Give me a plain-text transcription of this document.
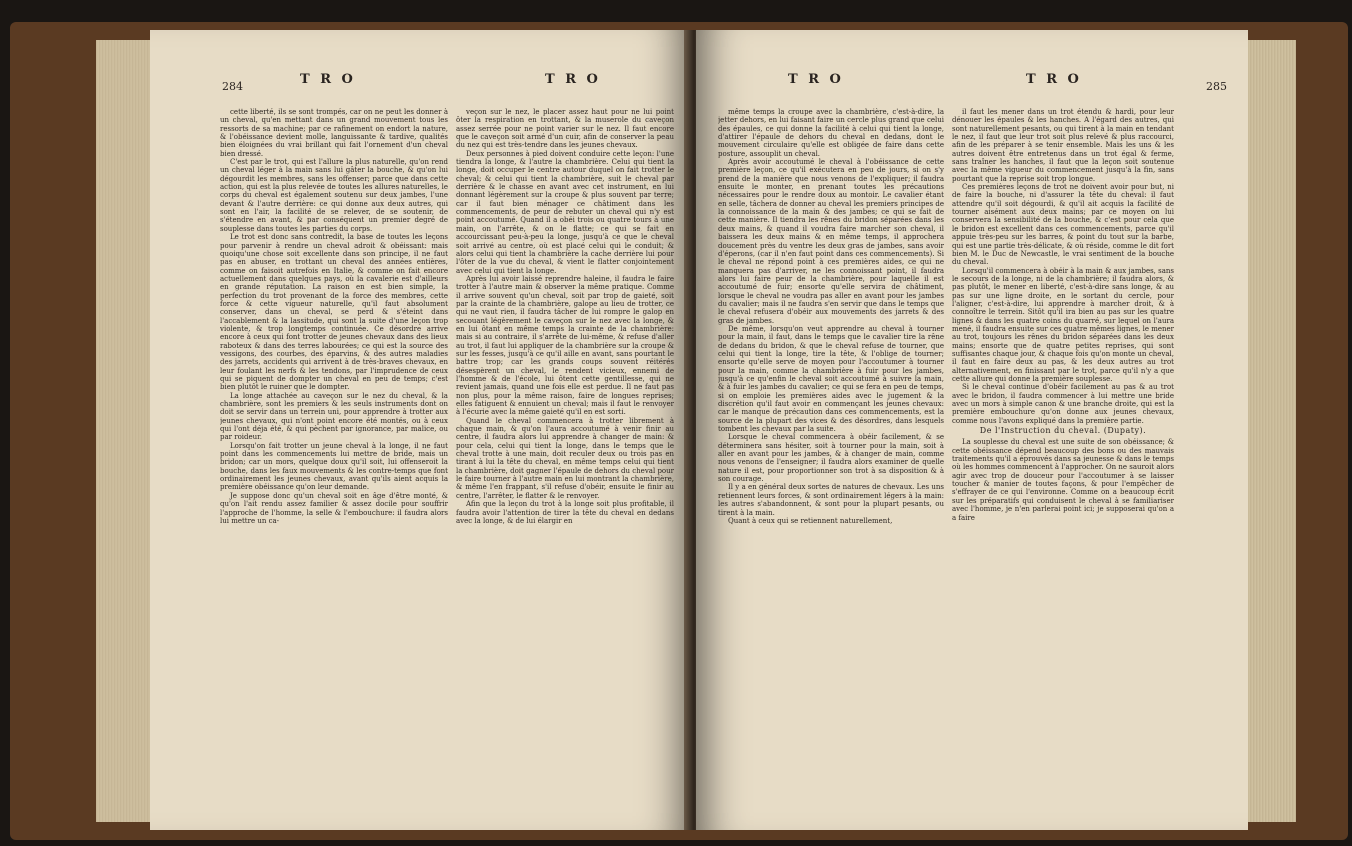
284	T R O	T R O

cette liberté, ils se sont trompés, car on ne peut les donner à un cheval, qu'en mettant dans un grand mouvement tous les ressorts de sa machine; par ce rafinement on endort la nature, & l'obéissance devient molle, languissante & tardive, qualités bien éloignées du vrai brillant qui fait l'ornement d'un cheval bien dressé.

C'est par le trot, qui est l'allure la plus naturelle, qu'on rend un cheval léger à la main sans lui gâter la bouche, & qu'on lui dégourdit les membres, sans les offenser; parce que dans cette action, qui est la plus relevée de toutes les allures naturelles, le corps du cheval est également soutenu sur deux jambes, l'une devant & l'autre derrière: ce qui donne aux deux autres, qui sont en l'air, la facilité de se relever, de se soutenir, de s'étendre en avant, & par conséquent un premier degré de souplesse dans toutes les parties du corps.

Le trot est donc sans contredit, la base de toutes les leçons pour parvenir à rendre un cheval adroit & obéissant: mais quoiqu'une chose soit excellente dans son principe, il ne faut pas en abuser, en trottant un cheval des années entières, comme on faisoit autrefois en Italie, & comme on fait encore actuellement dans quelques pays, où la cavalerie est d'ailleurs en grande réputation. La raison en est bien simple, la perfection du trot provenant de la force des membres, cette force & cette vigueur naturelle, qu'il faut absolument conserver, dans un cheval, se perd & s'éteint dans l'accablement & la lassitude, qui sont la suite d'une leçon trop violente, & trop longtemps continuée. Ce désordre arrive encore à ceux qui font trotter de jeunes chevaux dans des lieux raboteux & dans des terres labourées; ce qui est la source des vessigons, des courbes, des éparvins, & des autres maladies des jarrets, accidents qui arrivent à de très-braves chevaux, en leur foulant les nerfs & les tendons, par l'imprudence de ceux qui se piquent de dompter un cheval en peu de temps; c'est bien plutôt le ruiner que le dompter.

La longe attachée au caveçon sur le nez du cheval, & la chambrière, sont les premiers & les seuls instruments dont on doit se servir dans un terrein uni, pour apprendre à trotter aux jeunes chevaux, qui n'ont point encore été montés, ou à ceux qui l'ont déja été, & qui pèchent par ignorance, par malice, ou par roideur.

Lorsqu'on fait trotter un jeune cheval à la longe, il ne faut point dans les commencements lui mettre de bride, mais un bridon; car un mors, quelque doux qu'il soit, lui offenseroit la bouche, dans les faux mouvements & les contre-temps que font ordinairement les jeunes chevaux, avant qu'ils aient acquis la première obéissance qu'on leur demande.

Je suppose donc qu'un cheval soit en âge d'être monté, & qu'on l'ait rendu assez familier & assez docile pour souffrir l'approche de l'homme, la selle & l'embouchure: il faudra alors lui mettre un ca-

veçon sur le nez, le placer assez haut pour ne lui point ôter la respiration en trottant, & la muserole du caveçon assez serrée pour ne point varier sur le nez. Il faut encore que le caveçon soit armé d'un cuir, afin de conserver la peau du nez qui est très-tendre dans les jeunes chevaux.

Deux personnes à pied doivent conduire cette leçon: l'une tiendra la longe, & l'autre la chambrière. Celui qui tient la longe, doit occuper le centre autour duquel on fait trotter le cheval; & celui qui tient la chambrière, suit le cheval par derrière & le chasse en avant avec cet instrument, en lui donnant légèrement sur la croupe & plus souvent par terre; car il faut bien ménager ce châtiment dans les commencements, de peur de rebuter un cheval qui n'y est point accoutumé. Quand il a obéi trois ou quatre tours à une main, on l'arrête, & on le flatte; ce qui se fait en accourcissant peu-à-peu la longe, jusqu'à ce que le cheval soit arrivé au centre, où est placé celui qui le conduit; & alors celui qui tient la chambrière la cache derrière lui pour l'ôter de la vue du cheval, & vient le flatter conjointement avec celui qui tient la longe.

Après lui avoir laissé reprendre haleine, il faudra le faire trotter à l'autre main & observer la même pratique. Comme il arrive souvent qu'un cheval, soit par trop de gaieté, soit par la crainte de la chambrière, galope au lieu de trotter, ce qui ne vaut rien, il faudra tâcher de lui rompre le galop en secouant légèrement le caveçon sur le nez avec la longe, & en lui ôtant en même temps la crainte de la chambrière: mais si au contraire, il s'arrête de lui-même, & refuse d'aller au trot, il faut lui appliquer de la chambrière sur la croupe & sur les fesses, jusqu'à ce qu'il aille en avant, sans pourtant le battre trop; car les grands coups souvent réitérés désespèrent un cheval, le rendent vicieux, ennemi de l'homme & de l'école, lui ôtent cette gentillesse, qui ne revient jamais, quand une fois elle est perdue. Il ne faut pas non plus, pour la même raison, faire de longues reprises; elles fatiguent & ennuient un cheval; mais il faut le renvoyer à l'écurie avec la même gaieté qu'il en est sorti.

Quand le cheval commencera à trotter librement à chaque main, & qu'on l'aura accoutumé à venir finir au centre, il faudra alors lui apprendre à changer de main: & pour cela, celui qui tient la longe, dans le temps que le cheval trotte à une main, doit reculer deux ou trois pas en tirant à lui la tête du cheval, en même temps celui qui tient la chambrière, doit gagner l'épaule de dehors du cheval pour le faire tourner à l'autre main en lui montrant la chambrière, & même l'en frappant, s'il refuse d'obéir, ensuite le finir au centre, l'arrêter, le flatter & le renvoyer.

Afin que la leçon du trot à la longe soit plus profitable, il faudra avoir l'attention de tirer la tête du cheval en dedans avec la longe, & de lui élargir en

T R O	T R O	285

même temps la croupe avec la chambrière, c'est-à-dire, la jetter dehors, en lui faisant faire un cercle plus grand que celui des épaules, ce qui donne la facilité à celui qui tient la longe, d'attirer l'épaule de dehors du cheval en dedans, dont le mouvement circulaire qu'elle est obligée de faire dans cette posture, assouplit un cheval.

Après avoir accoutumé le cheval à l'obéissance de cette première leçon, ce qu'il exécutera en peu de jours, si on s'y prend de la manière que nous venons de l'expliquer; il faudra ensuite le monter, en prenant toutes les précautions nécessaires pour le rendre doux au montoir. Le cavalier étant en selle, tâchera de donner au cheval les premiers principes de la connoissance de la main & des jambes; ce qui se fait de cette manière. Il tiendra les rênes du bridon séparées dans les deux mains, & quand il voudra faire marcher son cheval, il baissera les deux mains & en même temps, il approchera doucement près du ventre les deux gras de jambes, sans avoir d'éperons, (car il n'en faut point dans ces commencements). Si le cheval ne répond point à ces premières aides, ce qui ne manquera pas d'arriver, ne les connoissant point, il faudra alors lui faire peur de la chambrière, pour laquelle il est accoutumé de fuir; ensorte qu'elle servira de châtiment, lorsque le cheval ne voudra pas aller en avant pour les jambes du cavalier; mais il ne faudra s'en servir que dans le temps que le cheval refusera d'obéir aux mouvements des jarrets & des gras de jambes.

De même, lorsqu'on veut apprendre au cheval à tourner pour la main, il faut, dans le temps que le cavalier tire la rêne de dedans du bridon, & que le cheval refuse de tourner, que celui qui tient la longe, tire la tête, & l'oblige de tourner; ensorte qu'elle serve de moyen pour l'accoutumer à tourner pour la main, comme la chambrière à fuir pour les jambes, jusqu'à ce qu'enfin le cheval soit accoutumé à suivre la main, & à fuir les jambes du cavalier; ce qui se fera en peu de temps, si on emploie les premières aides avec le jugement & la discrétion qu'il faut avoir en commençant les jeunes chevaux: car le manque de précaution dans ces commencements, est la source de la plupart des vices & des désordres, dans lesquels tombent les chevaux par la suite.

Lorsque le cheval commencera à obéir facilement, & se déterminera sans hésiter, soit à tourner pour la main, soit à aller en avant pour les jambes, & à changer de main, comme nous venons de l'enseigner; il faudra alors examiner de quelle nature il est, pour proportionner son trot à sa disposition & à son courage.

Il y a en général deux sortes de natures de chevaux. Les uns retiennent leurs forces, & sont ordinairement légers à la main: les autres s'abandonnent, & sont pour la plupart pesants, ou tirent à la main.

Quant à ceux qui se retiennent naturellement,

il faut les mener dans un trot étendu & hardi, pour leur dénouer les épaules & les hanches. A l'égard des autres, qui sont naturellement pesants, ou qui tirent à la main en tendant le nez, il faut que leur trot soit plus relevé & plus raccourci, afin de les préparer à se tenir ensemble. Mais les uns & les autres doivent être entretenus dans un trot égal & ferme, sans traîner les hanches, il faut que la leçon soit soutenue avec la même vigueur du commencement jusqu'à la fin, sans pourtant que la reprise soit trop longue.

Ces premières leçons de trot ne doivent avoir pour but, ni de faire la bouche, ni d'assurer la tête du cheval: il faut attendre qu'il soit dégourdi, & qu'il ait acquis la facilité de tourner aisément aux deux mains; par ce moyen on lui conservera la sensibilité de la bouche, & c'est pour cela que le bridon est excellent dans ces commencements, parce qu'il appuie très-peu sur les barres, & point du tout sur la barbe, qui est une partie très-délicate, & où réside, comme le dit fort bien M. le Duc de Newcastle, le vrai sentiment de la bouche du cheval.

Lorsqu'il commencera à obéir à la main & aux jambes, sans le secours de la longe, ni de la chambrière; il faudra alors, & pas plutôt, le mener en liberté, c'est-à-dire sans longe, & au pas sur une ligne droite, en le sortant du cercle, pour l'aligner, c'est-à-dire, lui apprendre à marcher droit, & à connoître le terrein. Sitôt qu'il ira bien au pas sur les quatre lignes & dans les quatre coins du quarré, sur lequel on l'aura mené, il faudra ensuite sur ces quatre mêmes lignes, le mener au trot, toujours les rênes du bridon séparées dans les deux mains; ensorte que de quatre petites reprises, qui sont suffisantes chaque jour, & chaque fois qu'on monte un cheval, il faut en faire deux au pas, & les deux autres au trot alternativement, en finissant par le trot, parce qu'il n'y a que cette allure qui donne la première souplesse.

Si le cheval continue d'obéir facilement au pas & au trot avec le bridon, il faudra commencer à lui mettre une bride avec un mors à simple canon & une branche droite, qui est la première embouchure qu'on donne aux jeunes chevaux, comme nous l'avons expliqué dans la première partie.

De l'Instruction du cheval. (Dupaty).

La souplesse du cheval est une suite de son obéissance; & cette obéissance dépend beaucoup des bons ou des mauvais traitements qu'il a éprouvés dans sa jeunesse & dans le temps où les hommes commencent à l'approcher. On ne sauroit alors agir avec trop de douceur pour l'accoutumer à se laisser toucher & manier de toutes façons, & pour l'empêcher de s'effrayer de ce qui l'environne. Comme on a beaucoup écrit sur les préparatifs qui conduisent le cheval à se familiariser avec l'homme, je n'en parlerai point ici; je supposerai qu'on a a faire
